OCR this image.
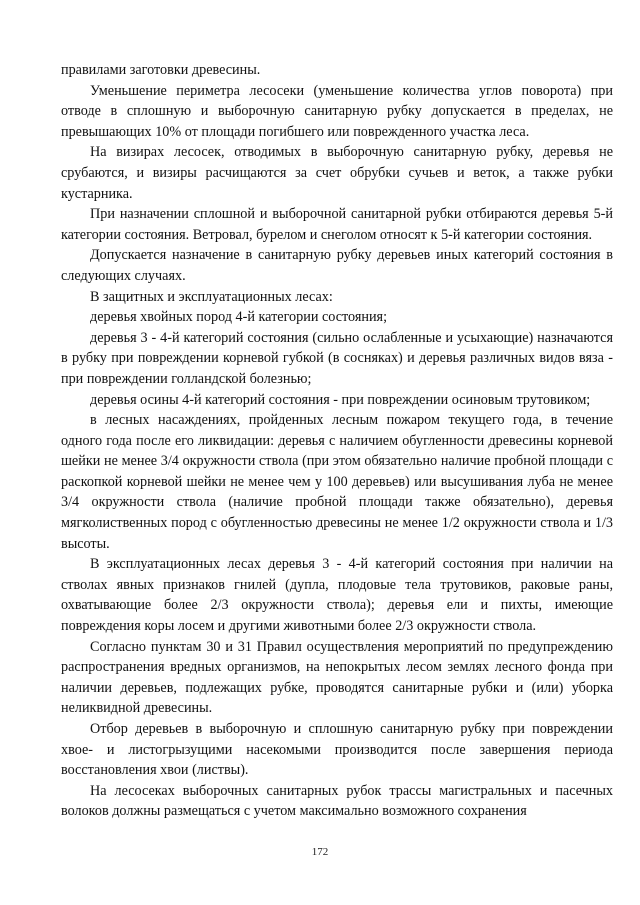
правилами заготовки древесины.

Уменьшение периметра лесосеки (уменьшение количества углов поворота) при отводе в сплошную и выборочную санитарную рубку допускается в пределах, не превышающих 10% от площади погибшего или поврежденного участка леса.

На визирах лесосек, отводимых в выборочную санитарную рубку, деревья не срубаются, и визиры расчищаются за счет обрубки сучьев и веток, а также рубки кустарника.

При назначении сплошной и выборочной санитарной рубки отбираются деревья 5-й категории состояния. Ветровал, бурелом и снеголом относят к 5-й категории состояния.

Допускается назначение в санитарную рубку деревьев иных категорий состояния в следующих случаях.

В защитных и эксплуатационных лесах:

деревья хвойных пород 4-й категории состояния;

деревья 3 - 4-й категорий состояния (сильно ослабленные и усыхающие) назначаются в рубку при повреждении корневой губкой (в сосняках) и деревья различных видов вяза - при повреждении голландской болезнью;

деревья осины 4-й категорий состояния - при повреждении осиновым трутовиком;

в лесных насаждениях, пройденных лесным пожаром текущего года, в течение одного года после его ликвидации: деревья с наличием обугленности древесины корневой шейки не менее 3/4 окружности ствола (при этом обязательно наличие пробной площади с раскопкой корневой шейки не менее чем у 100 деревьев) или высушивания луба не менее 3/4 окружности ствола (наличие пробной площади также обязательно), деревья мягколиственных пород с обугленностью древесины не менее 1/2 окружности ствола и 1/3 высоты.

В эксплуатационных лесах деревья 3 - 4-й категорий состояния при наличии на стволах явных признаков гнилей (дупла, плодовые тела трутовиков, раковые раны, охватывающие более 2/3 окружности ствола); деревья ели и пихты, имеющие повреждения коры лосем и другими животными более 2/3 окружности ствола.

Согласно пунктам 30 и 31 Правил осуществления мероприятий по предупреждению распространения вредных организмов, на непокрытых лесом землях лесного фонда при наличии деревьев, подлежащих рубке, проводятся санитарные рубки и (или) уборка неликвидной древесины.

Отбор деревьев в выборочную и сплошную санитарную рубку при повреждении хвое- и листогрызущими насекомыми производится после завершения периода восстановления хвои (листвы).

На лесосеках выборочных санитарных рубок трассы магистральных и пасечных волоков должны размещаться с учетом максимально возможного сохранения

172
